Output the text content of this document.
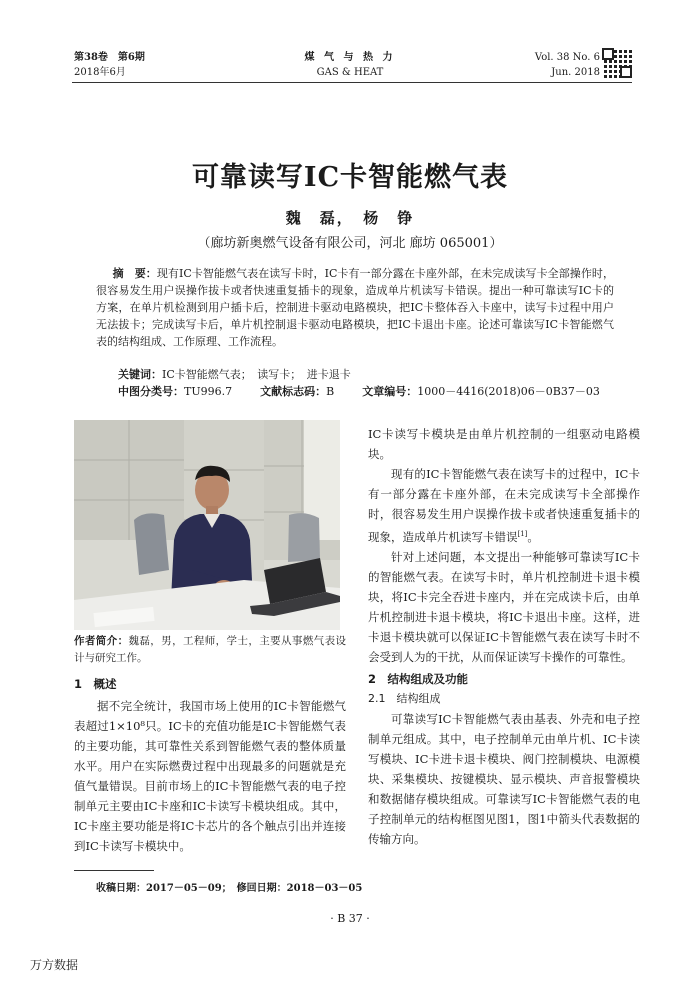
第38卷　第6期
2018年6月
煤 气 与 热 力
GAS & HEAT
Vol. 38 No. 6
Jun. 2018
可靠读写IC卡智能燃气表
魏　磊，　杨　铮
（廊坊新奥燃气设备有限公司，河北 廊坊 065001）

  摘　要：现有IC卡智能燃气表在读写卡时，IC卡有一部分露在卡座外部，在未完成读写卡全部操作时，很容易发生用户误操作拔卡或者快速重复插卡的现象，造成单片机读写卡错误。提出一种可靠读写IC卡的方案，在单片机检测到用户插卡后，控制进卡驱动电路模块，把IC卡整体吞入卡座中，读写卡过程中用户无法拔卡；完成读写卡后，单片机控制退卡驱动电路模块，把IC卡退出卡座。论述可靠读写IC卡智能燃气表的结构组成、工作原理、工作流程。

关键词：IC卡智能燃气表；　读写卡；　进卡退卡
中图分类号：TU996.7	文献标志码：B	文章编号：1000－4416(2018)06－0B37－03
作者简介：魏磊，男，工程师，学士，主要从事燃气表设计与研究工作。

1　概述

据不完全统计，我国市场上使用的IC卡智能燃气表超过1×10⁸只。IC卡的充值功能是IC卡智能燃气表的主要功能，其可靠性关系到智能燃气表的整体质量水平。用户在实际燃费过程中出现最多的问题就是充值气量错误。目前市场上的IC卡智能燃气表的电子控制单元主要由IC卡座和IC卡读写卡模块组成。其中，IC卡座主要功能是将IC卡芯片的各个触点引出并连接到IC卡读写卡模块中。

IC卡读写卡模块是由单片机控制的一组驱动电路模块。

现有的IC卡智能燃气表在读写卡的过程中，IC卡有一部分露在卡座外部，在未完成读写卡全部操作时，很容易发生用户误操作拔卡或者快速重复插卡的现象，造成单片机读写卡错误[1]。

针对上述问题，本文提出一种能够可靠读写IC卡的智能燃气表。在读写卡时，单片机控制进卡退卡模块，将IC卡完全吞进卡座内，并在完成读卡后，由单片机控制进卡退卡模块，将IC卡退出卡座。这样，进卡退卡模块就可以保证IC卡智能燃气表在读写卡时不会受到人为的干扰，从而保证读写卡操作的可靠性。

2　结构组成及功能

2.1　结构组成

可靠读写IC卡智能燃气表由基表、外壳和电子控制单元组成。其中，电子控制单元由单片机、IC卡读写模块、IC卡进卡退卡模块、阀门控制模块、电源模块、采集模块、按键模块、显示模块、声音报警模块和数据储存模块组成。可靠读写IC卡智能燃气表的电子控制单元的结构框图见图1，图1中箭头代表数据的传输方向。

收稿日期：2017－05－09；　修回日期：2018－03－05
· B 37 ·
万方数据
